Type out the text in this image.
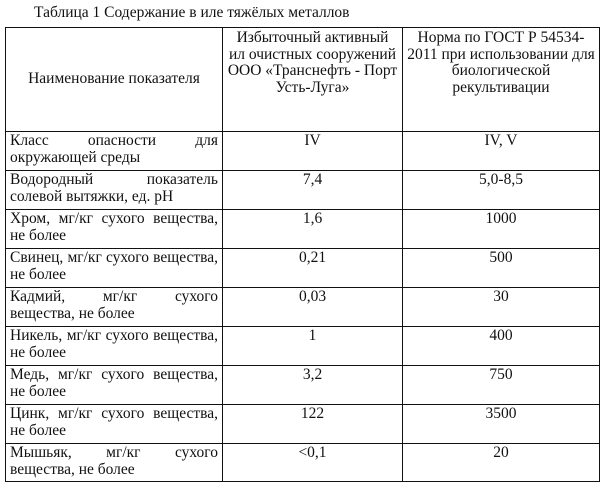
Таблица 1 Содержание в иле тяжёлых металлов
Наименование показателя	Избыточный активный ил очистных сооружений ООО «Транснефть - Порт Усть-Луга»	Норма по ГОСТ Р 54534-2011 при использовании для биологической рекультивации
Класс опасности для окружающей среды	IV	IV, V
Водородный показатель солевой вытяжки, ед. pH	7,4	5,0-8,5
Хром, мг/кг сухого вещества, не более	1,6	1000
Свинец, мг/кг сухого вещества, не более	0,21	500
Кадмий, мг/кг сухого вещества, не более	0,03	30
Никель, мг/кг сухого вещества, не более	1	400
Медь, мг/кг сухого вещества, не более	3,2	750
Цинк, мг/кг сухого вещества, не более	122	3500
Мышьяк, мг/кг сухого вещества, не более	<0,1	20
